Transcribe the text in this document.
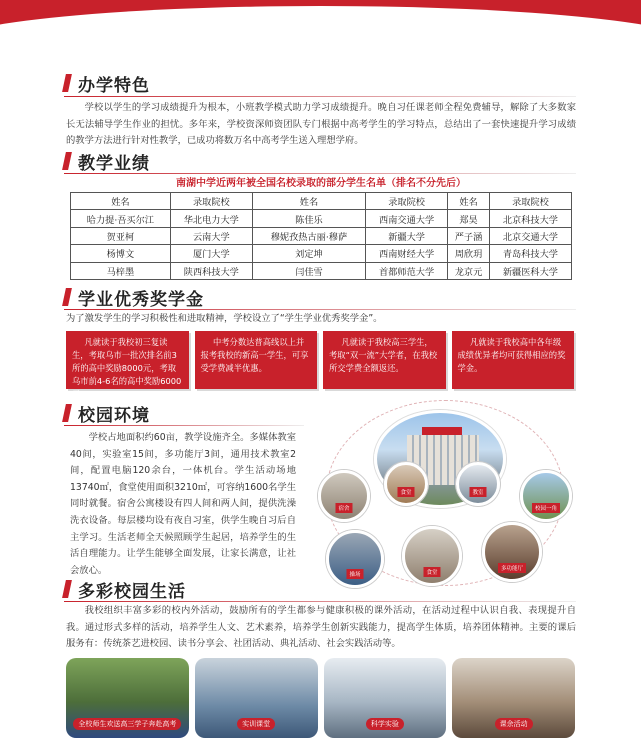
办学特色

学校以学生的学习成绩提升为根本，小班教学模式助力学习成绩提升。晚自习任课老师全程免费辅导，解除了大多数家长无法辅导学生作业的担忧。多年来，学校资深师资团队专门根据中高考学生的学习特点，总结出了一套快速提升学习成绩的教学方法进行针对性教学，已成功将数万名中高考学生送入理想学府。

教学业绩
南湖中学近两年被全国名校录取的部分学生名单（排名不分先后）
姓名	录取院校	姓名	录取院校	姓名	录取院校
哈力提·吾买尔江	华北电力大学	陈佳乐	西南交通大学	郑昊	北京科技大学
贺亚柯	云南大学	穆妮孜热古丽·穆萨	新疆大学	严子涵	北京交通大学
杨博文	厦门大学	刘定坤	西南财经大学	周欣玥	青岛科技大学
马梓墨	陕西科技大学	闫佳雪	首都师范大学	龙京元	新疆医科大学
学业优秀奖学金

为了激发学生的学习积极性和进取精神，学校设立了“学生学业优秀奖学金”。

凡就读于我校初三复读生，考取乌市一批次排名前3所的高中奖励8000元，考取乌市前4-6名的高中奖励6000元。
中考分数达普高线以上并报考我校的新高一学生，可享受学费减半优惠。
凡就读于我校高三学生，考取“双一流”大学者，在我校所交学费全额返还。
凡就读于我校高中各年级成绩优异者均可获得相应的奖学金。
校园环境

学校占地面积约60亩，教学设施齐全。多媒体教室40间，实验室15间，多功能厅3间，通用技术教室2间，配置电脑120余台，一体机台。学生活动场地13740㎡，食堂使用面积3210㎡，可容纳1600名学生同时就餐。宿舍公寓楼设有四人间和两人间，提供洗澡洗衣设备。每层楼均设有夜自习室，供学生晚自习后自主学习。生活老师全天候照顾学生起居，培养学生的生活自理能力。让学生能够全面发展，让家长满意，让社会放心。

宿舍
食堂	教室
校园一角
操场	食堂
多功能厅
多彩校园生活

我校组织丰富多彩的校内外活动，鼓励所有的学生都参与健康积极的课外活动，在活动过程中认识自我、表现提升自我。通过形式多样的活动，培养学生人文、艺术素养，培养学生创新实践能力，提高学生体质，培养团体精神。主要的课后服务有：传统茶艺进校园、读书分享会、社团活动、典礼活动、社会实践活动等。

全校师生欢送高三学子奔赴高考	实训课堂	科学实验	课余活动
